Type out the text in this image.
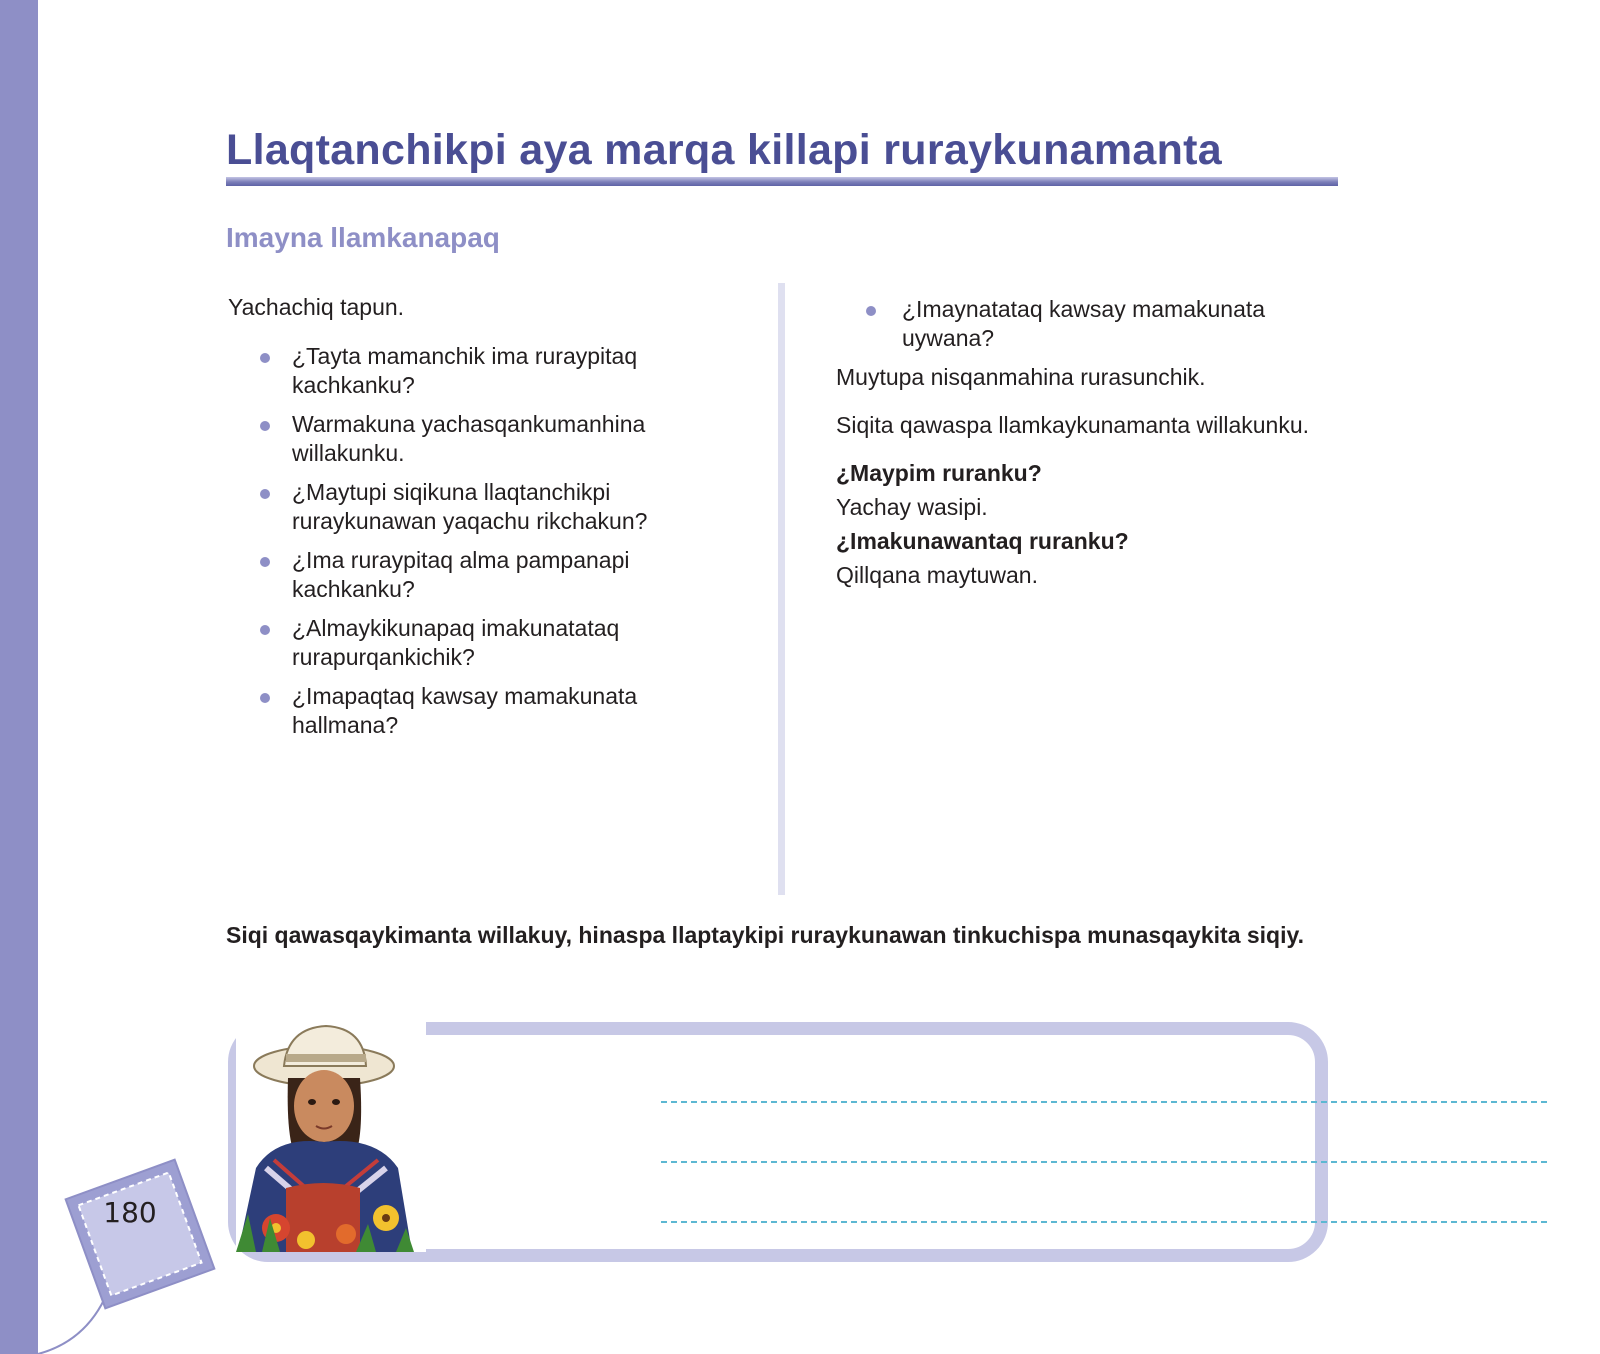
Llaqtanchikpi aya marqa killapi ruraykunamanta
Imayna llamkanapaq

Yachachiq tapun.

¿Tayta mamanchik ima ruraypitaq kachkanku?
Warmakuna yachasqankumanhina willakunku.
¿Maytupi siqikuna llaqtanchikpi ruraykunawan yaqachu rikchakun?
¿Ima ruraypitaq alma pampanapi kachkanku?
¿Almaykikunapaq imakunatataq rurapurqankichik?
¿Imapaqtaq kawsay mamakunata hallmana?
¿Imaynatataq kawsay mamakunata uywana?

Muytupa nisqanmahina rurasunchik.

Siqita qawaspa llamkaykunamanta willakunku.

¿Maypim ruranku?

Yachay wasipi.

¿Imakunawantaq ruranku?

Qillqana maytuwan.

Siqi qawasqaykimanta willakuy, hinaspa llaptaykipi ruraykunawan tinkuchispa munasqaykita siqiy.

180
